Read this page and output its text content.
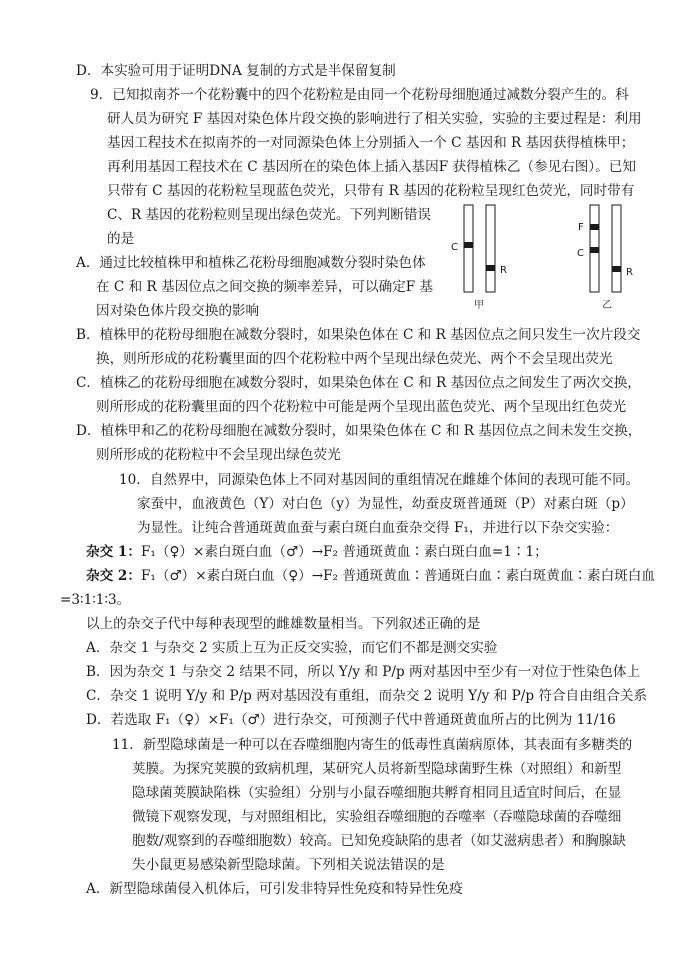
D．本实验可用于证明DNA 复制的方式是半保留复制
9．已知拟南芥一个花粉囊中的四个花粉粒是由同一个花粉母细胞通过减数分裂产生的。科
研人员为研究 F 基因对染色体片段交换的影响进行了相关实验，实验的主要过程是：利用
基因工程技术在拟南芥的一对同源染色体上分别插入一个 C 基因和 R 基因获得植株甲；
再利用基因工程技术在 C 基因所在的染色体上插入基因F 获得植株乙（参见右图）。已知
只带有 C 基因的花粉粒呈现蓝色荧光，只带有 R 基因的花粉粒呈现红色荧光，同时带有
C、R 基因的花粉粒则呈现出绿色荧光。下列判断错误
的是
A．通过比较植株甲和植株乙花粉母细胞减数分裂时染色体
在 C 和 R 基因位点之间交换的频率差异，可以确定F 基
因对染色体片段交换的影响
C
R
甲
F
C
R
乙
B．植株甲的花粉母细胞在减数分裂时，如果染色体在 C 和 R 基因位点之间只发生一次片段交
换，则所形成的花粉囊里面的四个花粉粒中两个呈现出绿色荧光、两个不会呈现出荧光
C．植株乙的花粉母细胞在减数分裂时，如果染色体在 C 和 R 基因位点之间发生了两次交换，
则所形成的花粉囊里面的四个花粉粒中可能是两个呈现出蓝色荧光、两个呈现出红色荧光
D．植株甲和乙的花粉母细胞在减数分裂时，如果染色体在 C 和 R 基因位点之间未发生交换，
则所形成的花粉粒中不会呈现出绿色荧光
10．自然界中，同源染色体上不同对基因间的重组情况在雌雄个体间的表现可能不同。
家蚕中，血液黄色（Y）对白色（y）为显性，幼蚕皮斑普通斑（P）对素白斑（p）
为显性。让纯合普通斑黄血蚕与素白斑白血蚕杂交得 F₁，并进行以下杂交实验：
杂交 1：F₁（♀）×素白斑白血（♂）→F₂ 普通斑黄血∶素白斑白血=1∶1；
杂交 2：F₁（♂）×素白斑白血（♀）→F₂ 普通斑黄血∶普通斑白血∶素白斑黄血∶素白斑白血
=3∶1∶1∶3。
以上的杂交子代中每种表现型的雌雄数量相当。下列叙述正确的是
A．杂交 1 与杂交 2 实质上互为正反交实验，而它们不都是测交实验
B．因为杂交 1 与杂交 2 结果不同，所以 Y/y 和 P/p 两对基因中至少有一对位于性染色体上
C．杂交 1 说明 Y/y 和 P/p 两对基因没有重组，而杂交 2 说明 Y/y 和 P/p 符合自由组合关系
D．若选取 F₁（♀）×F₁（♂）进行杂交，可预测子代中普通斑黄血所占的比例为 11/16
11．新型隐球菌是一种可以在吞噬细胞内寄生的低毒性真菌病原体，其表面有多糖类的
荚膜。为探究荚膜的致病机理，某研究人员将新型隐球菌野生株（对照组）和新型
隐球菌荚膜缺陷株（实验组）分别与小鼠吞噬细胞共孵育相同且适宜时间后，在显
微镜下观察发现，与对照组相比，实验组吞噬细胞的吞噬率（吞噬隐球菌的吞噬细
胞数/观察到的吞噬细胞数）较高。已知免疫缺陷的患者（如艾滋病患者）和胸腺缺
失小鼠更易感染新型隐球菌。下列相关说法错误的是
A．新型隐球菌侵入机体后，可引发非特异性免疫和特异性免疫
